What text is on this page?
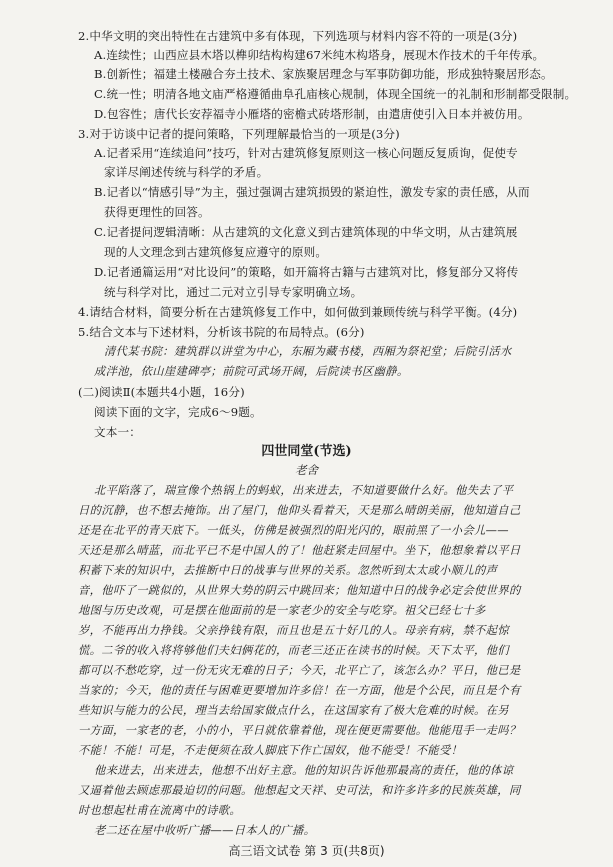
2.中华文明的突出特性在古建筑中多有体现，下列选项与材料内容不符的一项是(3分)
A.连续性；山西应县木塔以榫卯结构构建67米纯木构塔身，展现木作技术的千年传承。
B.创新性；福建土楼融合夯土技术、家族聚居理念与军事防御功能，形成独特聚居形态。
C.统一性；明清各地文庙严格遵循曲阜孔庙核心规制，体现全国统一的礼制和形制都受限制。
D.包容性；唐代长安荐福寺小雁塔的密檐式砖塔形制，由遣唐使引入日本并被仿用。
3.对于访谈中记者的提问策略，下列理解最恰当的一项是(3分)
A.记者采用“连续追问”技巧，针对古建筑修复原则这一核心问题反复质询，促使专
家详尽阐述传统与科学的矛盾。
B.记者以“情感引导”为主，强过强调古建筑损毁的紧迫性，激发专家的责任感，从而
获得更理性的回答。
C.记者提问逻辑清晰：从古建筑的文化意义到古建筑体现的中华文明，从古建筑展
现的人文理念到古建筑修复应遵守的原则。
D.记者通篇运用“对比设问”的策略，如开篇将古籍与古建筑对比，修复部分又将传
统与科学对比，通过二元对立引导专家明确立场。
4.请结合材料，简要分析在古建筑修复工作中，如何做到兼顾传统与科学平衡。(4分)
5.结合文本与下述材料，分析该书院的布局特点。(6分)
清代某书院：建筑群以讲堂为中心，东厢为藏书楼，西厢为祭祀堂；后院引活水
成泮池，依山崖建碑亭；前院可武场开阔，后院读书区幽静。
(二)阅读Ⅱ(本题共4小题，16分)
阅读下面的文字，完成6～9题。
文本一：
四世同堂(节选)
老舍
北平陷落了，瑞宣像个热锅上的蚂蚁，出来进去，不知道要做什么好。他失去了平
日的沉静，也不想去掩饰。出了屋门，他仰头看着天，天是那么晴朗美丽，他知道自己
还是在北平的青天底下。一低头，仿佛是被强烈的阳光闪的，眼前黑了一小会儿——
天还是那么晴蓝，而北平已不是中国人的了！他赶紧走回屋中。坐下，他想象着以平日
积蓄下来的知识中，去推断中日的战事与世界的关系。忽然听到太太或小顺儿的声
音，他吓了一跳似的，从世界大势的阴云中跳回来；他知道中日的战争必定会使世界的
地图与历史改观，可是摆在他面前的是一家老少的安全与吃穿。祖父已经七十多
岁，不能再出力挣钱。父亲挣钱有限，而且也是五十好几的人。母亲有病，禁不起惊
慌。二爷的收入将将够他们夫妇俩花的，而老三还正在读书的时候。天下太平，他们
都可以不愁吃穿，过一份无灾无难的日子；今天，北平亡了，该怎么办？平日，他已是
当家的；今天，他的责任与困难更要增加许多倍！在一方面，他是个公民，而且是个有
些知识与能力的公民，理当去给国家做点什么，在这国家有了极大危难的时候。在另
一方面，一家老的老，小的小，平日就依靠着他，现在便更需要他。他能甩手一走吗？
不能！不能！可是，不走便须在敌人脚底下作亡国奴，他不能受！不能受！
他来进去，出来进去，他想不出好主意。他的知识告诉他那最高的责任，他的体谅
又逼着他去顾虑那最迫切的问题。他想起文天祥、史可法，和许多许多的民族英雄，同
时也想起杜甫在流离中的诗歌。
高三语文试卷 第 3 页(共8页)
老二还在屋中收听广播——日本人的广播。
